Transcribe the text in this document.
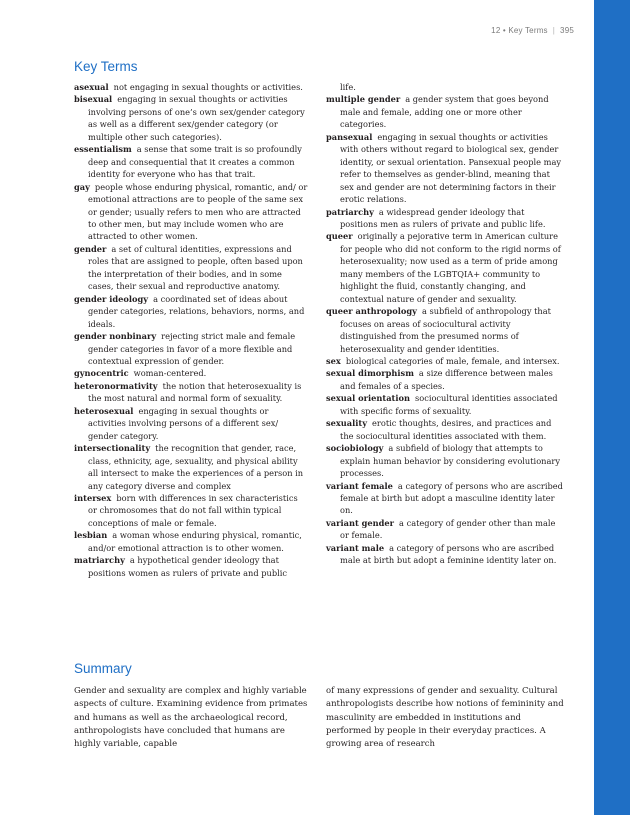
12 • Key Terms | 395
Key Terms
asexual not engaging in sexual thoughts or activities.
bisexual engaging in sexual thoughts or activities involving persons of one’s own sex/gender category as well as a different sex/gender category (or multiple other such categories).
essentialism a sense that some trait is so profoundly deep and consequential that it creates a common identity for everyone who has that trait.
gay people whose enduring physical, romantic, and/ or emotional attractions are to people of the same sex or gender; usually refers to men who are attracted to other men, but may include women who are attracted to other women.
gender a set of cultural identities, expressions and roles that are assigned to people, often based upon the interpretation of their bodies, and in some cases, their sexual and reproductive anatomy.
gender ideology a coordinated set of ideas about gender categories, relations, behaviors, norms, and ideals.
gender nonbinary rejecting strict male and female gender categories in favor of a more flexible and contextual expression of gender.
gynocentric woman-centered.
heteronormativity the notion that heterosexuality is the most natural and normal form of sexuality.
heterosexual engaging in sexual thoughts or activities involving persons of a different sex/ gender category.
intersectionality the recognition that gender, race, class, ethnicity, age, sexuality, and physical ability all intersect to make the experiences of a person in any category diverse and complex
intersex born with differences in sex characteristics or chromosomes that do not fall within typical conceptions of male or female.
lesbian a woman whose enduring physical, romantic, and/or emotional attraction is to other women.
matriarchy a hypothetical gender ideology that positions women as rulers of private and public
life.
multiple gender a gender system that goes beyond male and female, adding one or more other categories.
pansexual engaging in sexual thoughts or activities with others without regard to biological sex, gender identity, or sexual orientation. Pansexual people may refer to themselves as gender-blind, meaning that sex and gender are not determining factors in their erotic relations.
patriarchy a widespread gender ideology that positions men as rulers of private and public life.
queer originally a pejorative term in American culture for people who did not conform to the rigid norms of heterosexuality; now used as a term of pride among many members of the LGBTQIA+ community to highlight the fluid, constantly changing, and contextual nature of gender and sexuality.
queer anthropology a subfield of anthropology that focuses on areas of sociocultural activity distinguished from the presumed norms of heterosexuality and gender identities.
sex biological categories of male, female, and intersex.
sexual dimorphism a size difference between males and females of a species.
sexual orientation sociocultural identities associated with specific forms of sexuality.
sexuality erotic thoughts, desires, and practices and the sociocultural identities associated with them.
sociobiology a subfield of biology that attempts to explain human behavior by considering evolutionary processes.
variant female a category of persons who are ascribed female at birth but adopt a masculine identity later on.
variant gender a category of gender other than male or female.
variant male a category of persons who are ascribed male at birth but adopt a feminine identity later on.
Summary
Gender and sexuality are complex and highly variable aspects of culture. Examining evidence from primates and humans as well as the archaeological record, anthropologists have concluded that humans are highly variable, capable
of many expressions of gender and sexuality. Cultural anthropologists describe how notions of femininity and masculinity are embedded in institutions and performed by people in their everyday practices. A growing area of research
